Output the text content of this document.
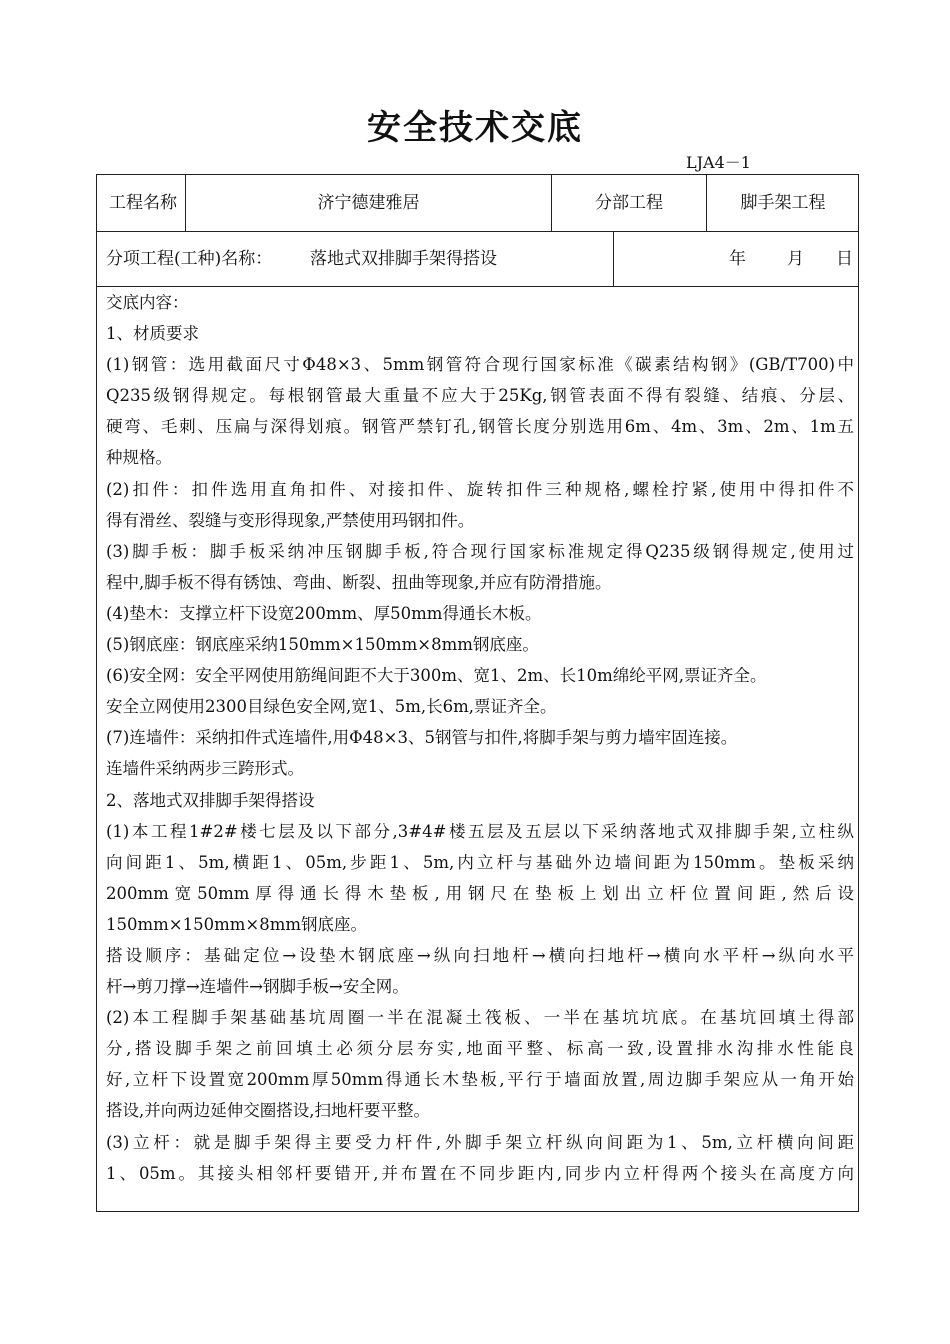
安全技术交底
LJA4－1
工程名称	济宁德建雅居	分部工程	脚手架工程
分项工程(工种)名称： 落地式双排脚手架得搭设	年 月 日

交底内容：

1、材质要求

(1)钢管：选用截面尺寸Φ48×3、5mm钢管符合现行国家标准《碳素结构钢》(GB/T700)中

Q235级钢得规定。每根钢管最大重量不应大于25Kg,钢管表面不得有裂缝、结痕、分层、

硬弯、毛刺、压扁与深得划痕。钢管严禁钉孔,钢管长度分别选用6m、4m、3m、2m、1m五

种规格。

(2)扣件：扣件选用直角扣件、对接扣件、旋转扣件三种规格,螺栓拧紧,使用中得扣件不

得有滑丝、裂缝与变形得现象,严禁使用玛钢扣件。

(3)脚手板：脚手板采纳冲压钢脚手板,符合现行国家标准规定得Q235级钢得规定,使用过

程中,脚手板不得有锈蚀、弯曲、断裂、扭曲等现象,并应有防滑措施。

(4)垫木：支撑立杆下设宽200mm、厚50mm得通长木板。

(5)钢底座：钢底座采纳150mm×150mm×8mm钢底座。

(6)安全网：安全平网使用筋绳间距不大于300m、宽1、2m、长10m绵纶平网,票证齐全。

安全立网使用2300目绿色安全网,宽1、5m,长6m,票证齐全。

(7)连墙件：采纳扣件式连墙件,用Φ48×3、5钢管与扣件,将脚手架与剪力墙牢固连接。

连墙件采纳两步三跨形式。

2、落地式双排脚手架得搭设

(1)本工程1#2#楼七层及以下部分,3#4#楼五层及五层以下采纳落地式双排脚手架,立柱纵

向间距1、5m,横距1、05m,步距1、5m,内立杆与基础外边墙间距为150mm。垫板采纳

200mm宽50mm厚得通长得木垫板,用钢尺在垫板上划出立杆位置间距,然后设

150mm×150mm×8mm钢底座。

搭设顺序：基础定位→设垫木钢底座→纵向扫地杆→横向扫地杆→横向水平杆→纵向水平

杆→剪刀撑→连墙件→钢脚手板→安全网。

(2)本工程脚手架基础基坑周圈一半在混凝土筏板、一半在基坑坑底。在基坑回填土得部

分,搭设脚手架之前回填土必须分层夯实,地面平整、标高一致,设置排水沟排水性能良

好,立杆下设置宽200mm厚50mm得通长木垫板,平行于墙面放置,周边脚手架应从一角开始

搭设,并向两边延伸交圈搭设,扫地杆要平整。

(3)立杆：就是脚手架得主要受力杆件,外脚手架立杆纵向间距为1、5m,立杆横向间距

1、05m。其接头相邻杆要错开,并布置在不同步距内,同步内立杆得两个接头在高度方向
